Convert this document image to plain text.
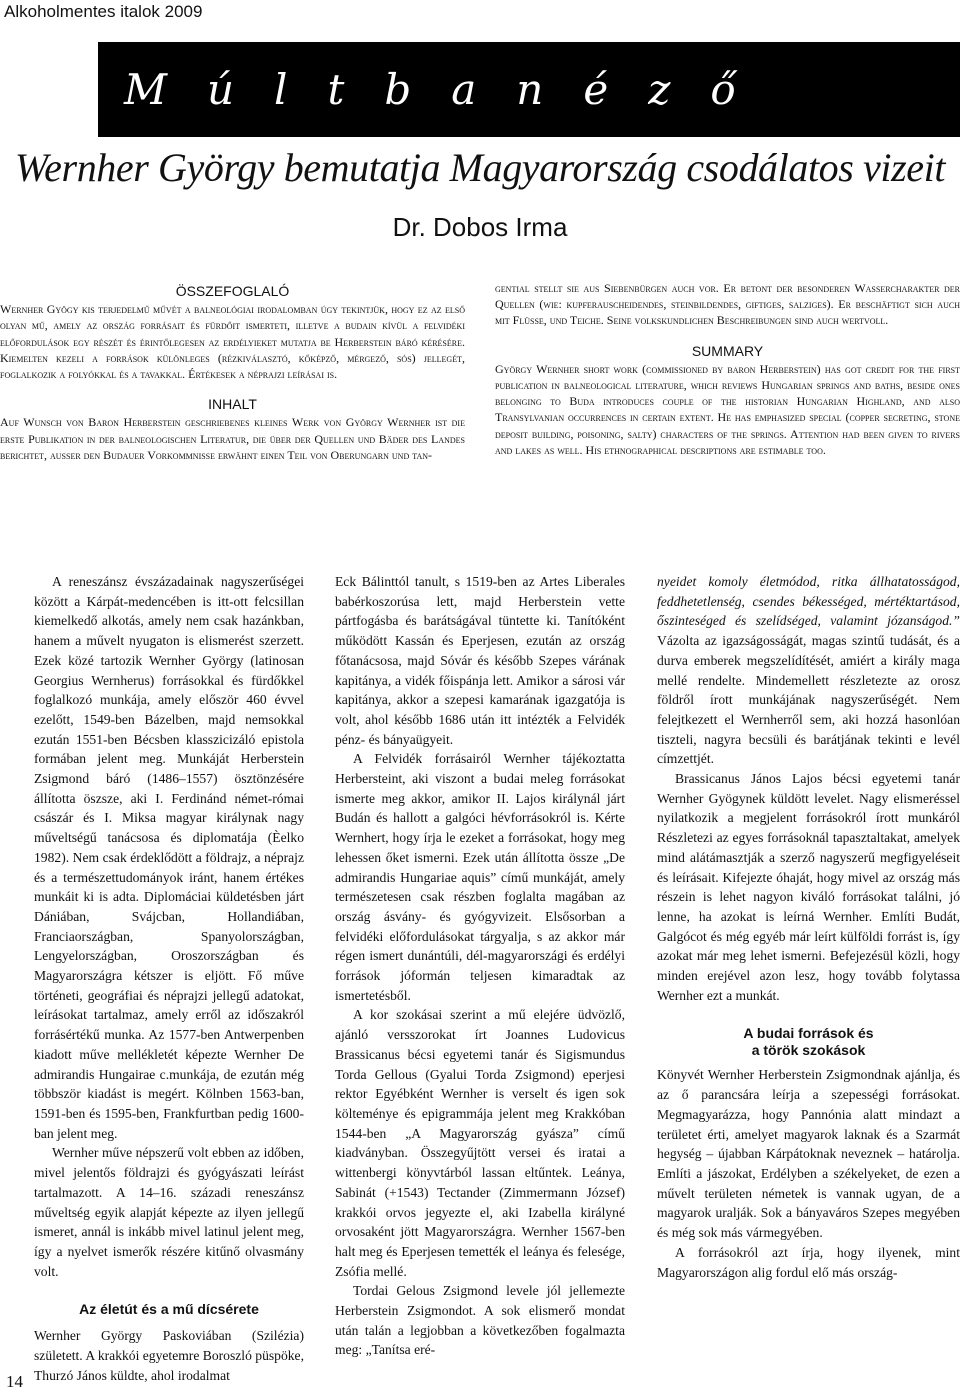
Alkoholmentes italok 2009
Múltbanéző
Wernher György bemutatja Magyarország csodálatos vizeit
Dr. Dobos Irma
ÖSSZEFOGLALÓ

Wernher Gyögy kis terjedelmű művét a balneológiai irodalomban úgy tekintjük, hogy ez az első olyan mű, amely az ország forrásait és fürdőit ismerteti, illetve a budain kívül a felvidéki előfordulások egy részét és érintőlegesen az erdélyieket mutatja be Herberstein báró kérésére. Kiemelten kezeli a források különleges (rézkiválasztó, kőképző, mérgező, sós) jellegét, foglalkozik a folyókkal és a tavakkal. Értékesek a néprajzi leírásai is.

INHALT

Auf Wunsch von Baron Herberstein geschriebenes kleines Werk von György Wernher ist die erste Publikation in der balneologischen Literatur, die über der Quellen und Bäder des Landes berichtet, außer den Budauer Vorkommnisse erwähnt einen Teil von Oberungarn und tan-

gential stellt sie aus Siebenbürgen auch vor. Er betont der besonderen Wassercharakter der Quellen (wie: kupferauscheidendes, steinbildendes, giftiges, salziges). Er beschäftigt sich auch mit Flüsse, und Teiche. Seine volkskundlichen Beschreibungen sind auch wertvoll.

SUMMARY

György Wernher short work (commissioned by baron Herberstein) has got credit for the first publication in balneological literature, which reviews Hungarian springs and baths, beside ones belonging to Buda introduces couple of the historian Hungarian Highland, and also Transylvanian occurrences in certain extent. He has emphasized special (copper secreting, stone deposit building, poisoning, salty) characters of the springs. Attention had been given to rivers and lakes as well. His ethnographical descriptions are estimable too.

A reneszánsz évszázadainak nagyszerűségei között a Kárpát-medencében is itt-ott felcsillan kiemelkedő alkotás, amely nem csak hazánkban, hanem a művelt nyugaton is elismerést szerzett. Ezek közé tartozik Wernher György (latinosan Georgius Wernherus) forrásokkal és fürdőkkel foglalkozó munkája, amely először 460 évvel ezelőtt, 1549-ben Bázelben, majd nemsokkal ezután 1551-ben Bécsben klasszicizáló epistola formában jelent meg. Munkáját Herberstein Zsigmond báró (1486–1557) ösztönzésére állította öszsze, aki I. Ferdinánd német-római császár és I. Miksa magyar királynak nagy műveltségű tanácsosa és diplomatája (Èelko 1982). Nem csak érdeklődött a földrajz, a néprajz és a természettudományok iránt, hanem értékes munkáit ki is adta. Diplomáciai küldetésben járt Dániában, Svájcban, Hollandiában, Franciaországban, Spanyolországban, Lengyelországban, Oroszországban és Magyarországra kétszer is eljött. Fő műve történeti, geográfiai és néprajzi jellegű adatokat, leírásokat tartalmaz, amely erről az időszakról forrásértékű munka. Az 1577-ben Antwerpenben kiadott műve mellékletét képezte Wernher De admirandis Hungairae c.munkája, de ezután még többször kiadást is megért. Kölnben 1563-ban, 1591-ben és 1595-ben, Frankfurtban pedig 1600-ban jelent meg.

Wernher műve népszerű volt ebben az időben, mivel jelentős földrajzi és gyógyászati leírást tartalmazott. A 14–16. századi reneszánsz műveltség egyik alapját képezte az ilyen jellegű ismeret, annál is inkább mivel latinul jelent meg, így a nyelvet ismerők részére kitűnő olvasmány volt.

Az életút és a mű dícsérete

Wernher György Paskoviában (Szilézia) született. A krakkói egyetemre Boroszló püspöke, Thurzó János küldte, ahol irodalmat

Eck Bálinttól tanult, s 1519-ben az Artes Liberales babérkoszorúsa lett, majd Herberstein vette pártfogásba és barátságával tüntette ki. Tanítóként működött Kassán és Eperjesen, ezután az ország főtanácsosa, majd Sóvár és később Szepes várának kapitánya, a vidék főispánja lett. Amikor a sárosi vár kapitánya, akkor a szepesi kamarának igazgatója is volt, ahol később 1686 után itt intézték a Felvidék pénz- és bányaügyeit.

A Felvidék forrásairól Wernher tájékoztatta Herbersteint, aki viszont a budai meleg forrásokat ismerte meg akkor, amikor II. Lajos királynál járt Budán és hallott a galgóci hévforrásokról is. Kérte Wernhert, hogy írja le ezeket a forrásokat, hogy meg lehessen őket ismerni. Ezek után állította össze „De admirandis Hungariae aquis” című munkáját, amely természetesen csak részben foglalta magában az ország ásvány- és gyógyvizeit. Elsősorban a felvidéki előfordulásokat tárgyalja, s az akkor már régen ismert dunántúli, dél-magyarországi és erdélyi források jóformán teljesen kimaradtak az ismertetésből.

A kor szokásai szerint a mű elejére üdvözlő, ajánló versszorokat írt Joannes Ludovicus Brassicanus bécsi egyetemi tanár és Sigismundus Torda Gellous (Gyalui Torda Zsigmond) eperjesi rektor Egyébként Wernher is verselt és igen sok költeménye és epigrammája jelent meg Krakkóban 1544-ben „A Magyarország gyásza” című kiadványban. Összegyűjtött versei és iratai a wittenbergi könyvtárból lassan eltűntek. Leánya, Sabinát (+1543) Tectander (Zimmermann József) krakkói orvos jegyezte el, aki Izabella királyné orvosaként jött Magyarországra. Wernher 1567-ben halt meg és Eperjesen temették el leánya és felesége, Zsófia mellé.

Tordai Gelous Zsigmond levele jól jellemezte Herberstein Zsigmondot. A sok elismerő mondat után talán a legjobban a következőben fogalmazta meg: „Tanítsa eré-

nyeidet komoly életmódod, ritka állhatatosságod, feddhetetlenség, csendes békességed, mértéktartásod, őszinteséged és szelídséged, valamint józanságod.” Vázolta az igazságosságát, magas szintű tudását, és a durva emberek megszelídítését, amiért a király maga mellé rendelte. Mindemellett részletezte az orosz földről írott munkájának nagyszerűségét. Nem felejtkezett el Wernherről sem, aki hozzá hasonlóan tiszteli, nagyra becsüli és barátjának tekinti e levél címzettjét.

Brassicanus János Lajos bécsi egyetemi tanár Wernher Gyögynek küldött levelet. Nagy elismeréssel nyilatkozik a megjelent forrásokról írott munkáról Részletezi az egyes forrásoknál tapasztaltakat, amelyek mind alátámasztják a szerző nagyszerű megfigyeléseit és leírásait. Kifejezte óhaját, hogy mivel az ország más részein is lehet nagyon kiváló forrásokat találni, jó lenne, ha azokat is leírná Wernher. Említi Budát, Galgócot és még egyéb már leírt külföldi forrást is, így azokat már meg lehet ismerni. Befejezésül közli, hogy minden erejével azon lesz, hogy tovább folytassa Wernher ezt a munkát.

A budai források és
a török szokások

Könyvét Wernher Herberstein Zsigmondnak ajánlja, és az ő parancsára leírja a szepességi forrásokat. Megmagyarázza, hogy Pannónia alatt mindazt a területet érti, amelyet magyarok laknak és a Szarmát hegység – újabban Kárpátoknak neveznek – határolja. Említi a jászokat, Erdélyben a székelyeket, de ezen a művelt területen németek is vannak ugyan, de a magyarok uralják. Sok a bányaváros Szepes megyében és még sok más vármegyében.

A forrásokról azt írja, hogy ilyenek, mint Magyarországon alig fordul elő más ország-

14
